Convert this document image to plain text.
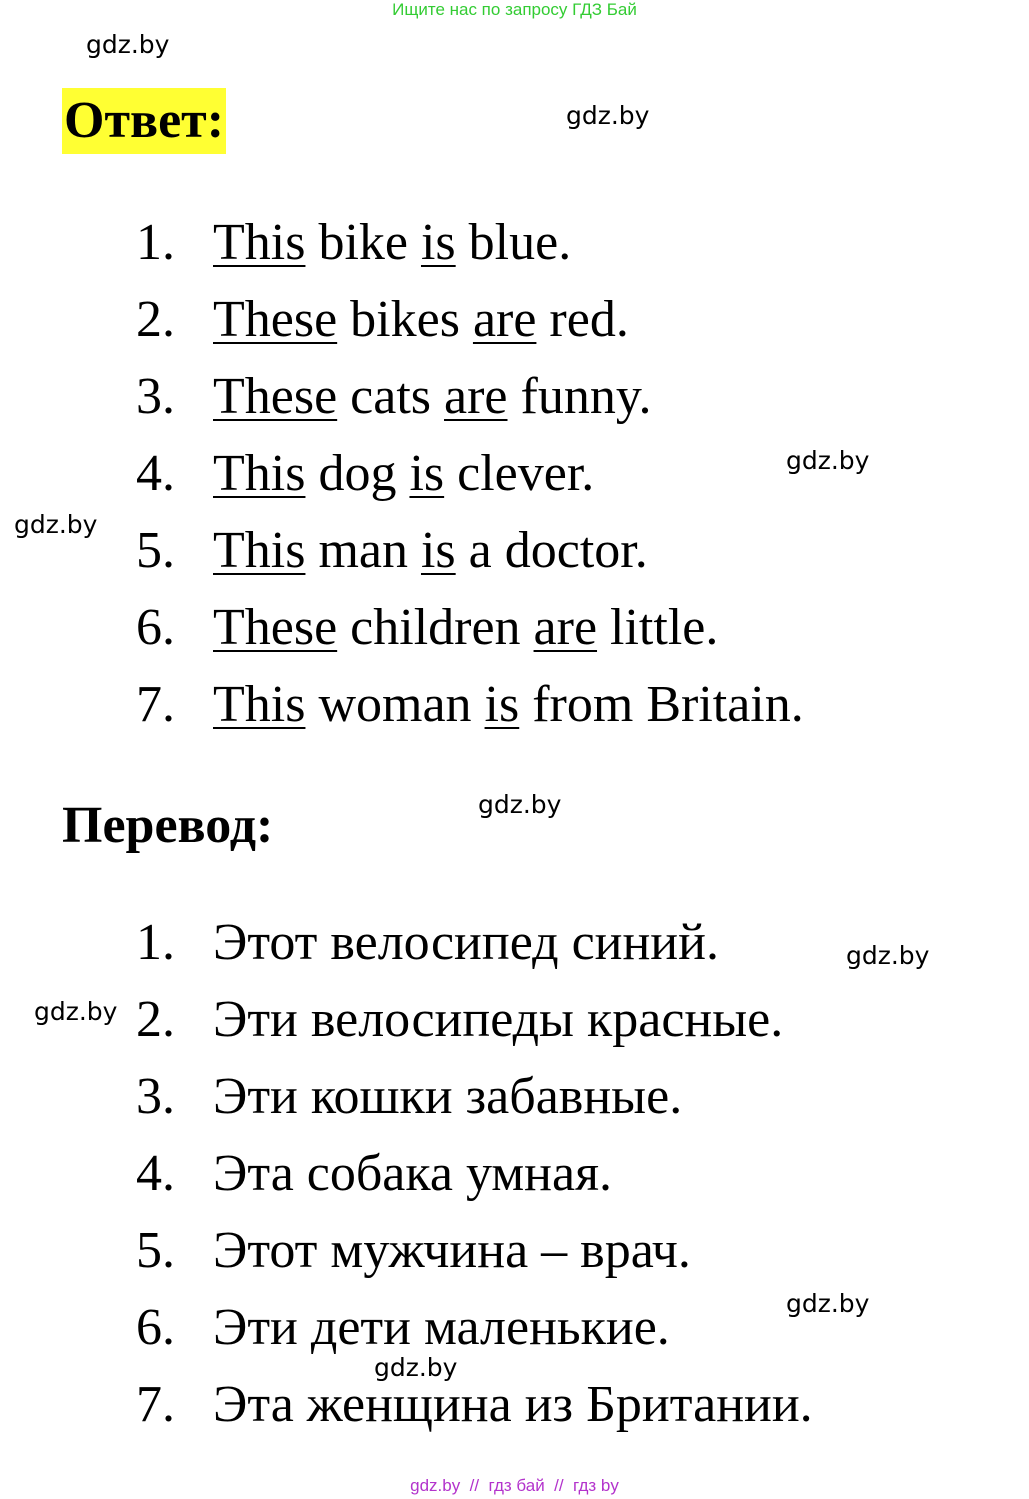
Ищите нас по запросу ГДЗ Бай
gdz.by
gdz.by
gdz.by
gdz.by
gdz.by
gdz.by
gdz.by
gdz.by
gdz.by
Ответ:
1. This bike is blue.
2. These bikes are red.
3. These cats are funny.
4. This dog is clever.
5. This man is a doctor.
6. These children are little.
7. This woman is from Britain.
Перевод:
1. Этот велосипед синий.
2. Эти велосипеды красные.
3. Эти кошки забавные.
4. Эта собака умная.
5. Этот мужчина – врач.
6. Эти дети маленькие.
7. Эта женщина из Британии.
gdz.by  //  гдз бай  //  гдз by
